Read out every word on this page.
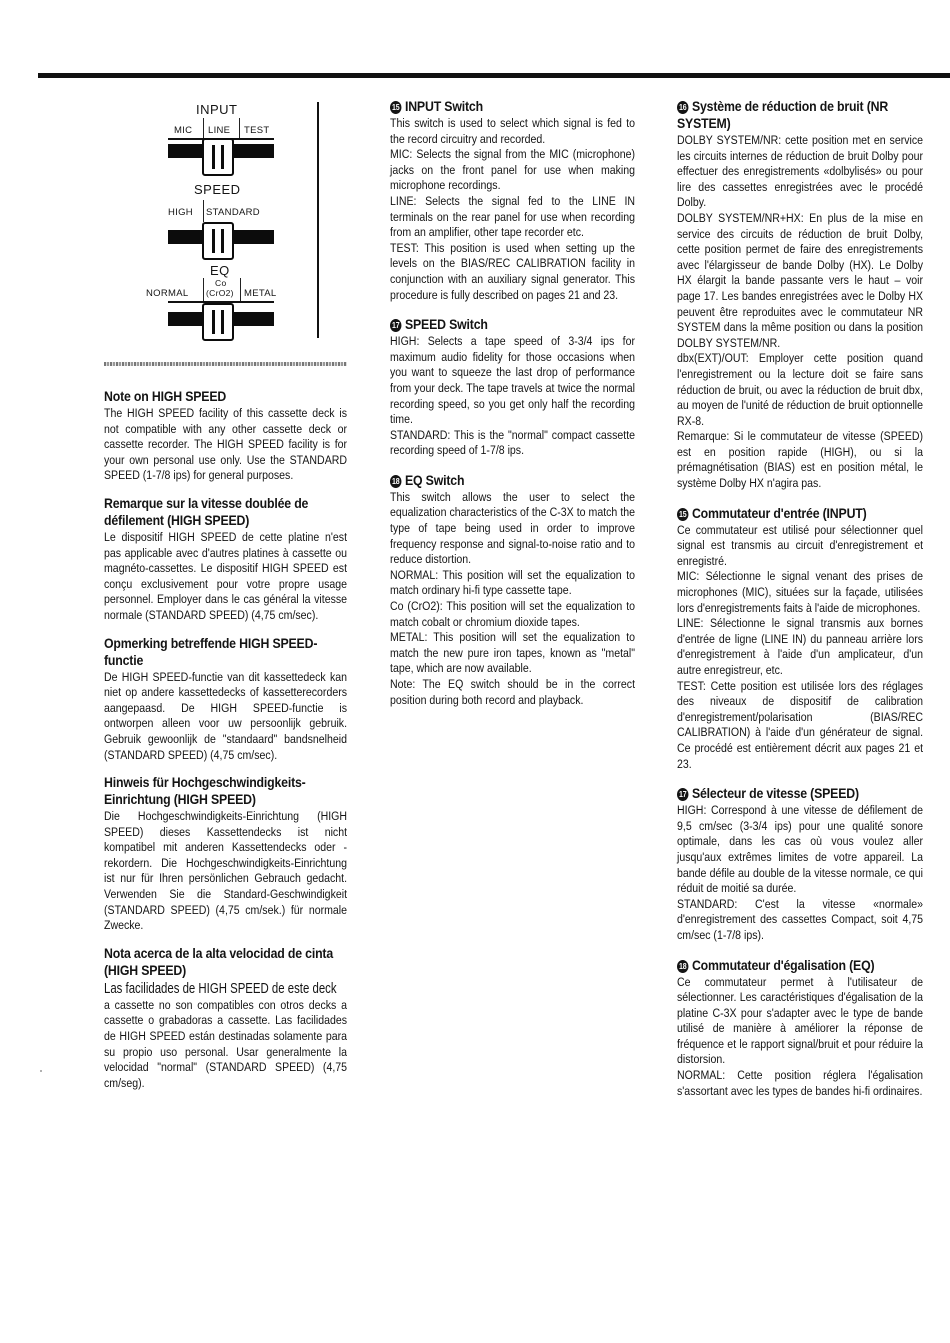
INPUT
MIC LINE TEST
SPEED
HIGH STANDARD
EQ
Co
NORMAL (CrO2) METAL
Note on HIGH SPEED

The HIGH SPEED facility of this cassette deck is not compatible with any other cassette deck or cassette recorder. The HIGH SPEED facility is for your own personal use only. Use the STANDARD SPEED (1-7/8 ips) for general purposes.

Remarque sur la vitesse doublée de défilement (HIGH SPEED)

Le dispositif HIGH SPEED de cette platine n'est pas applicable avec d'autres platines à cassette ou magnéto-cassettes. Le dispositif HIGH SPEED est conçu exclusivement pour votre propre usage personnel. Employer dans le cas général la vitesse normale (STANDARD SPEED) (4,75 cm/sec).

Opmerking betreffende HIGH SPEED-functie

De HIGH SPEED-functie van dit kassettedeck kan niet op andere kassettedecks of kassetterecorders aangepaasd. De HIGH SPEED-functie is ontworpen alleen voor uw persoonlijk gebruik. Gebruik gewoonlijk de "standaard" bandsnelheid (STANDARD SPEED) (4,75 cm/sec).

Hinweis für Hochgeschwindigkeits-Einrichtung (HIGH SPEED)

Die Hochgeschwindigkeits-Einrichtung (HIGH SPEED) dieses Kassettendecks ist nicht kompatibel mit anderen Kassettendecks oder -rekordern. Die Hochgeschwindigkeits-Einrichtung ist nur für Ihren persönlichen Gebrauch gedacht. Verwenden Sie die Standard-Geschwindigkeit (STANDARD SPEED) (4,75 cm/sek.) für normale Zwecke.

Nota acerca de la alta velocidad de cinta (HIGH SPEED)

Las facilidades de HIGH SPEED de este deck

a cassette no son compatibles con otros decks a cassette o grabadoras a cassette. Las facilidades de HIGH SPEED están destinadas solamente para su propio uso personal. Usar generalmente la velocidad "normal" (STANDARD SPEED) (4,75 cm/seg).

15 INPUT Switch

This switch is used to select which signal is fed to the record circuitry and recorded.

MIC: Selects the signal from the MIC (microphone) jacks on the front panel for use when making microphone recordings.

LINE: Selects the signal fed to the LINE IN terminals on the rear panel for use when recording from an amplifier, other tape recorder etc.

TEST: This position is used when setting up the levels on the BIAS/REC CALIBRATION facility in conjunction with an auxiliary signal generator. This procedure is fully described on pages 21 and 23.

17 SPEED Switch

HIGH: Selects a tape speed of 3-3/4 ips for maximum audio fidelity for those occasions when you want to squeeze the last drop of performance from your deck. The tape travels at twice the normal recording speed, so you get only half the recording time.

STANDARD: This is the "normal" compact cassette recording speed of 1-7/8 ips.

18 EQ Switch

This switch allows the user to select the equalization characteristics of the C-3X to match the type of tape being used in order to improve frequency response and signal-to-noise ratio and to reduce distortion.

NORMAL: This position will set the equalization to match ordinary hi-fi type cassette tape.

Co (CrO2): This position will set the equalization to match cobalt or chromium dioxide tapes.

METAL: This position will set the equalization to match the new pure iron tapes, known as "metal" tape, which are now available.

Note: The EQ switch should be in the correct position during both record and playback.

16 Système de réduction de bruit (NR SYSTEM)

DOLBY SYSTEM/NR: cette position met en service les circuits internes de réduction de bruit Dolby pour effectuer des enregistrements «dolbylisés» ou pour lire des cassettes enregistrées avec le procédé Dolby.

DOLBY SYSTEM/NR+HX: En plus de la mise en service des circuits de réduction de bruit Dolby, cette position permet de faire des enregistrements avec l'élargisseur de bande Dolby (HX). Le Dolby HX élargit la bande passante vers le haut – voir page 17. Les bandes enregistrées avec le Dolby HX peuvent être reproduites avec le commutateur NR SYSTEM dans la même position ou dans la position DOLBY SYSTEM/NR.

dbx(EXT)/OUT: Employer cette position quand l'enregistrement ou la lecture doit se faire sans réduction de bruit, ou avec la réduction de bruit dbx, au moyen de l'unité de réduction de bruit optionnelle RX-8.

Remarque: Si le commutateur de vitesse (SPEED) est en position rapide (HIGH), ou si la prémagnétisation (BIAS) est en position métal, le système Dolby HX n'agira pas.

15 Commutateur d'entrée (INPUT)

Ce commutateur est utilisé pour sélectionner quel signal est transmis au circuit d'enregistrement et enregistré.

MIC: Sélectionne le signal venant des prises de microphones (MIC), situées sur la façade, utilisées lors d'enregistrements faits à l'aide de microphones.

LINE: Sélectionne le signal transmis aux bornes d'entrée de ligne (LINE IN) du panneau arrière lors d'enregistrement à l'aide d'un amplicateur, d'un autre enregistreur, etc.

TEST: Cette position est utilisée lors des réglages des niveaux de dispositif de calibration d'enregistrement/polarisation (BIAS/REC CALIBRATION) à l'aide d'un générateur de signal. Ce procédé est entièrement décrit aux pages 21 et 23.

17 Sélecteur de vitesse (SPEED)

HIGH: Correspond à une vitesse de défilement de 9,5 cm/sec (3-3/4 ips) pour une qualité sonore optimale, dans les cas où vous voulez aller jusqu'aux extrêmes limites de votre appareil. La bande défile au double de la vitesse normale, ce qui réduit de moitié sa durée.

STANDARD: C'est la vitesse «normale» d'enregistrement des cassettes Compact, soit 4,75 cm/sec (1-7/8 ips).

18 Commutateur d'égalisation (EQ)

Ce commutateur permet à l'utilisateur de sélectionner. Les caractéristiques d'égalisation de la platine C-3X pour s'adapter avec le type de bande utilisé de manière à améliorer la réponse de fréquence et le rapport signal/bruit et pour réduire la distorsion.

NORMAL: Cette position réglera l'égalisation s'assortant avec les types de bandes hi-fi ordinaires.
